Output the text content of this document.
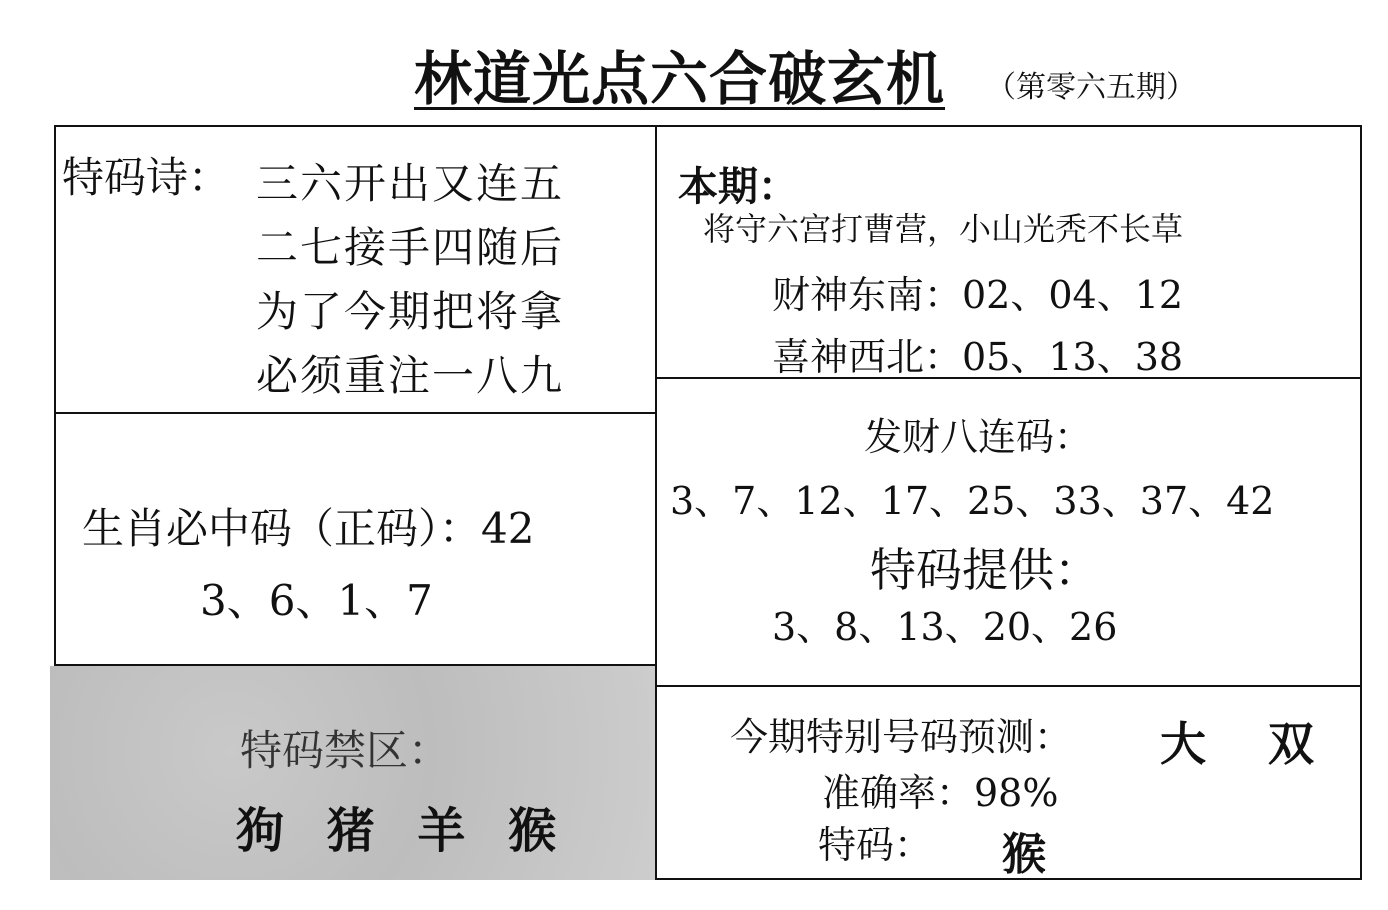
林道光点六合破玄机 （第零六五期）
特码诗： 三六开出又连五
二七接手四随后
为了今期把将拿
必须重注一八九
生肖必中码（正码）：42
3、6、1、7
特码禁区：
狗 猪 羊 猴
本期：
将守六宫打曹营，小山光秃不长草
财神东南：02、04、12
喜神西北：05、13、38
发财八连码：
3、7、12、17、25、33、37、42
特码提供：
3、8、13、20、26
今期特别号码预测： 大 双
准确率：98%
特码： 猴
